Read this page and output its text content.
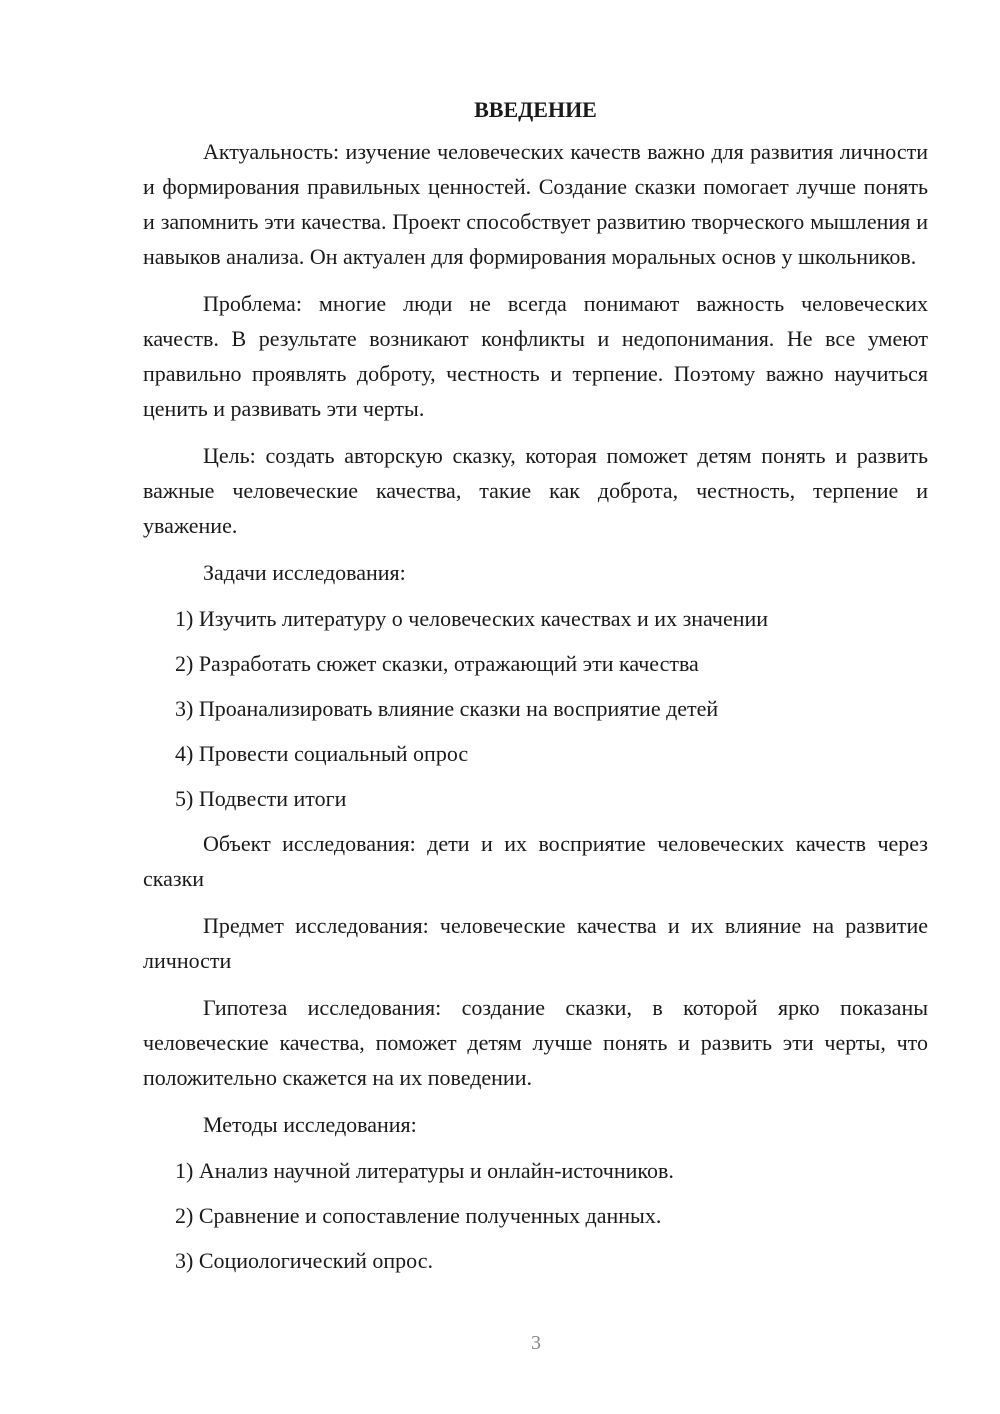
ВВЕДЕНИЕ

Актуальность: изучение человеческих качеств важно для развития личности и формирования правильных ценностей. Создание сказки помогает лучше понять и запомнить эти качества. Проект способствует развитию творческого мышления и навыков анализа. Он актуален для формирования моральных основ у школьников.

Проблема: многие люди не всегда понимают важность человеческих качеств. В результате возникают конфликты и недопонимания. Не все умеют правильно проявлять доброту, честность и терпение. Поэтому важно научиться ценить и развивать эти черты.

Цель: создать авторскую сказку, которая поможет детям понять и развить важные человеческие качества, такие как доброта, честность, терпение и уважение.

Задачи исследования:

1) Изучить литературу о человеческих качествах и их значении

2) Разработать сюжет сказки, отражающий эти качества

3) Проанализировать влияние сказки на восприятие детей

4) Провести социальный опрос

5) Подвести итоги

Объект исследования: дети и их восприятие человеческих качеств через сказки

Предмет исследования: человеческие качества и их влияние на развитие личности

Гипотеза исследования: создание сказки, в которой ярко показаны человеческие качества, поможет детям лучше понять и развить эти черты, что положительно скажется на их поведении.

Методы исследования:

1) Анализ научной литературы и онлайн-источников.

2) Сравнение и сопоставление полученных данных.

3) Социологический опрос.

3
